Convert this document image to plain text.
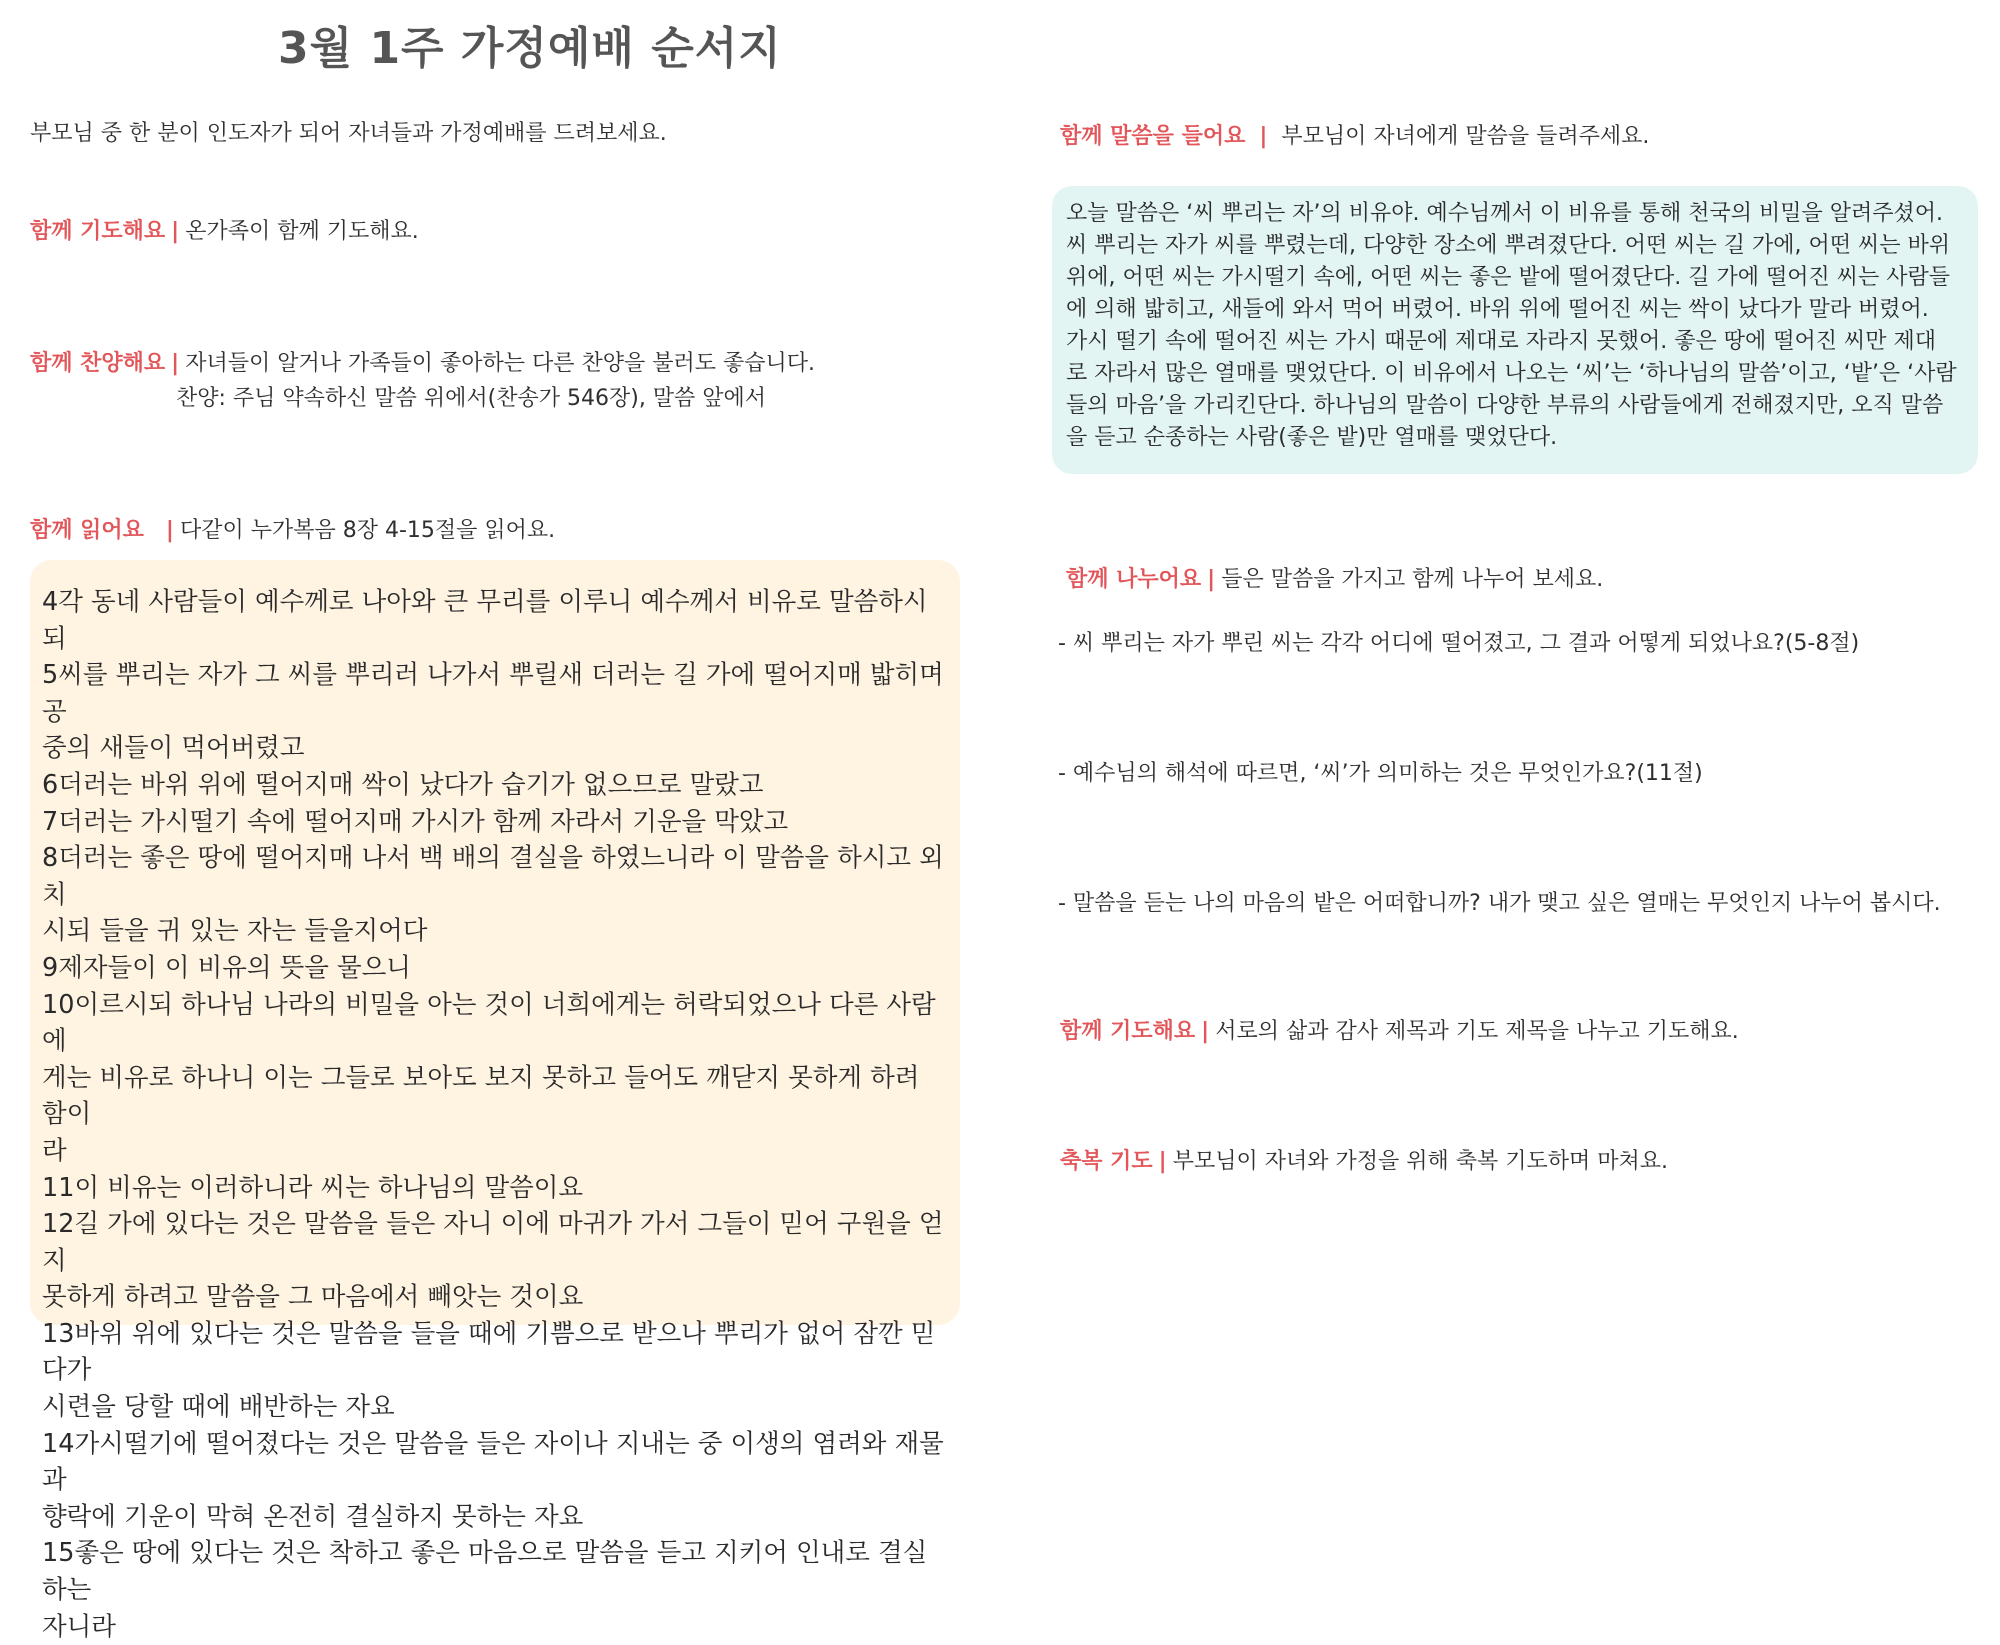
3월 1주 가정예배 순서지
부모님 중 한 분이 인도자가 되어 자녀들과 가정예배를 드려보세요.
함께 기도해요 | 온가족이 함께 기도해요.
함께 찬양해요 | 자녀들이 알거나 가족들이 좋아하는 다른 찬양을 불러도 좋습니다.
찬양: 주님 약속하신 말씀 위에서(찬송가 546장), 말씀 앞에서
함께 읽어요 | 다같이 누가복음 8장 4-15절을 읽어요.

4각 동네 사람들이 예수께로 나아와 큰 무리를 이루니 예수께서 비유로 말씀하시되

5씨를 뿌리는 자가 그 씨를 뿌리러 나가서 뿌릴새 더러는 길 가에 떨어지매 밟히며 공

중의 새들이 먹어버렸고

6더러는 바위 위에 떨어지매 싹이 났다가 습기가 없으므로 말랐고

7더러는 가시떨기 속에 떨어지매 가시가 함께 자라서 기운을 막았고

8더러는 좋은 땅에 떨어지매 나서 백 배의 결실을 하였느니라 이 말씀을 하시고 외치

시되 들을 귀 있는 자는 들을지어다

9제자들이 이 비유의 뜻을 물으니

10이르시되 하나님 나라의 비밀을 아는 것이 너희에게는 허락되었으나 다른 사람에

게는 비유로 하나니 이는 그들로 보아도 보지 못하고 들어도 깨닫지 못하게 하려 함이

라

11이 비유는 이러하니라 씨는 하나님의 말씀이요

12길 가에 있다는 것은 말씀을 들은 자니 이에 마귀가 가서 그들이 믿어 구원을 얻지

못하게 하려고 말씀을 그 마음에서 빼앗는 것이요

13바위 위에 있다는 것은 말씀을 들을 때에 기쁨으로 받으나 뿌리가 없어 잠깐 믿다가

시련을 당할 때에 배반하는 자요

14가시떨기에 떨어졌다는 것은 말씀을 들은 자이나 지내는 중 이생의 염려와 재물과

향락에 기운이 막혀 온전히 결실하지 못하는 자요

15좋은 땅에 있다는 것은 착하고 좋은 마음으로 말씀을 듣고 지키어 인내로 결실하는

자니라

함께 말씀을 들어요 | 부모님이 자녀에게 말씀을 들려주세요.
오늘 말씀은 ‘씨 뿌리는 자’의 비유야. 예수님께서 이 비유를 통해 천국의 비밀을 알려주셨어.
씨 뿌리는 자가 씨를 뿌렸는데, 다양한 장소에 뿌려졌단다. 어떤 씨는 길 가에, 어떤 씨는 바위
위에, 어떤 씨는 가시떨기 속에, 어떤 씨는 좋은 밭에 떨어졌단다. 길 가에 떨어진 씨는 사람들
에 의해 밟히고, 새들에 와서 먹어 버렸어. 바위 위에 떨어진 씨는 싹이 났다가 말라 버렸어.
가시 떨기 속에 떨어진 씨는 가시 때문에 제대로 자라지 못했어. 좋은 땅에 떨어진 씨만 제대
로 자라서 많은 열매를 맺었단다. 이 비유에서 나오는 ‘씨’는 ‘하나님의 말씀’이고, ‘밭’은 ‘사람
들의 마음’을 가리킨단다. 하나님의 말씀이 다양한 부류의 사람들에게 전해졌지만, 오직 말씀
을 듣고 순종하는 사람(좋은 밭)만 열매를 맺었단다.
함께 나누어요 | 들은 말씀을 가지고 함께 나누어 보세요.
- 씨 뿌리는 자가 뿌린 씨는 각각 어디에 떨어졌고, 그 결과 어떻게 되었나요?(5-8절)
- 예수님의 해석에 따르면, ‘씨’가 의미하는 것은 무엇인가요?(11절)
- 말씀을 듣는 나의 마음의 밭은 어떠합니까? 내가 맺고 싶은 열매는 무엇인지 나누어 봅시다.
함께 기도해요 | 서로의 삶과 감사 제목과 기도 제목을 나누고 기도해요.
축복 기도 | 부모님이 자녀와 가정을 위해 축복 기도하며 마쳐요.
